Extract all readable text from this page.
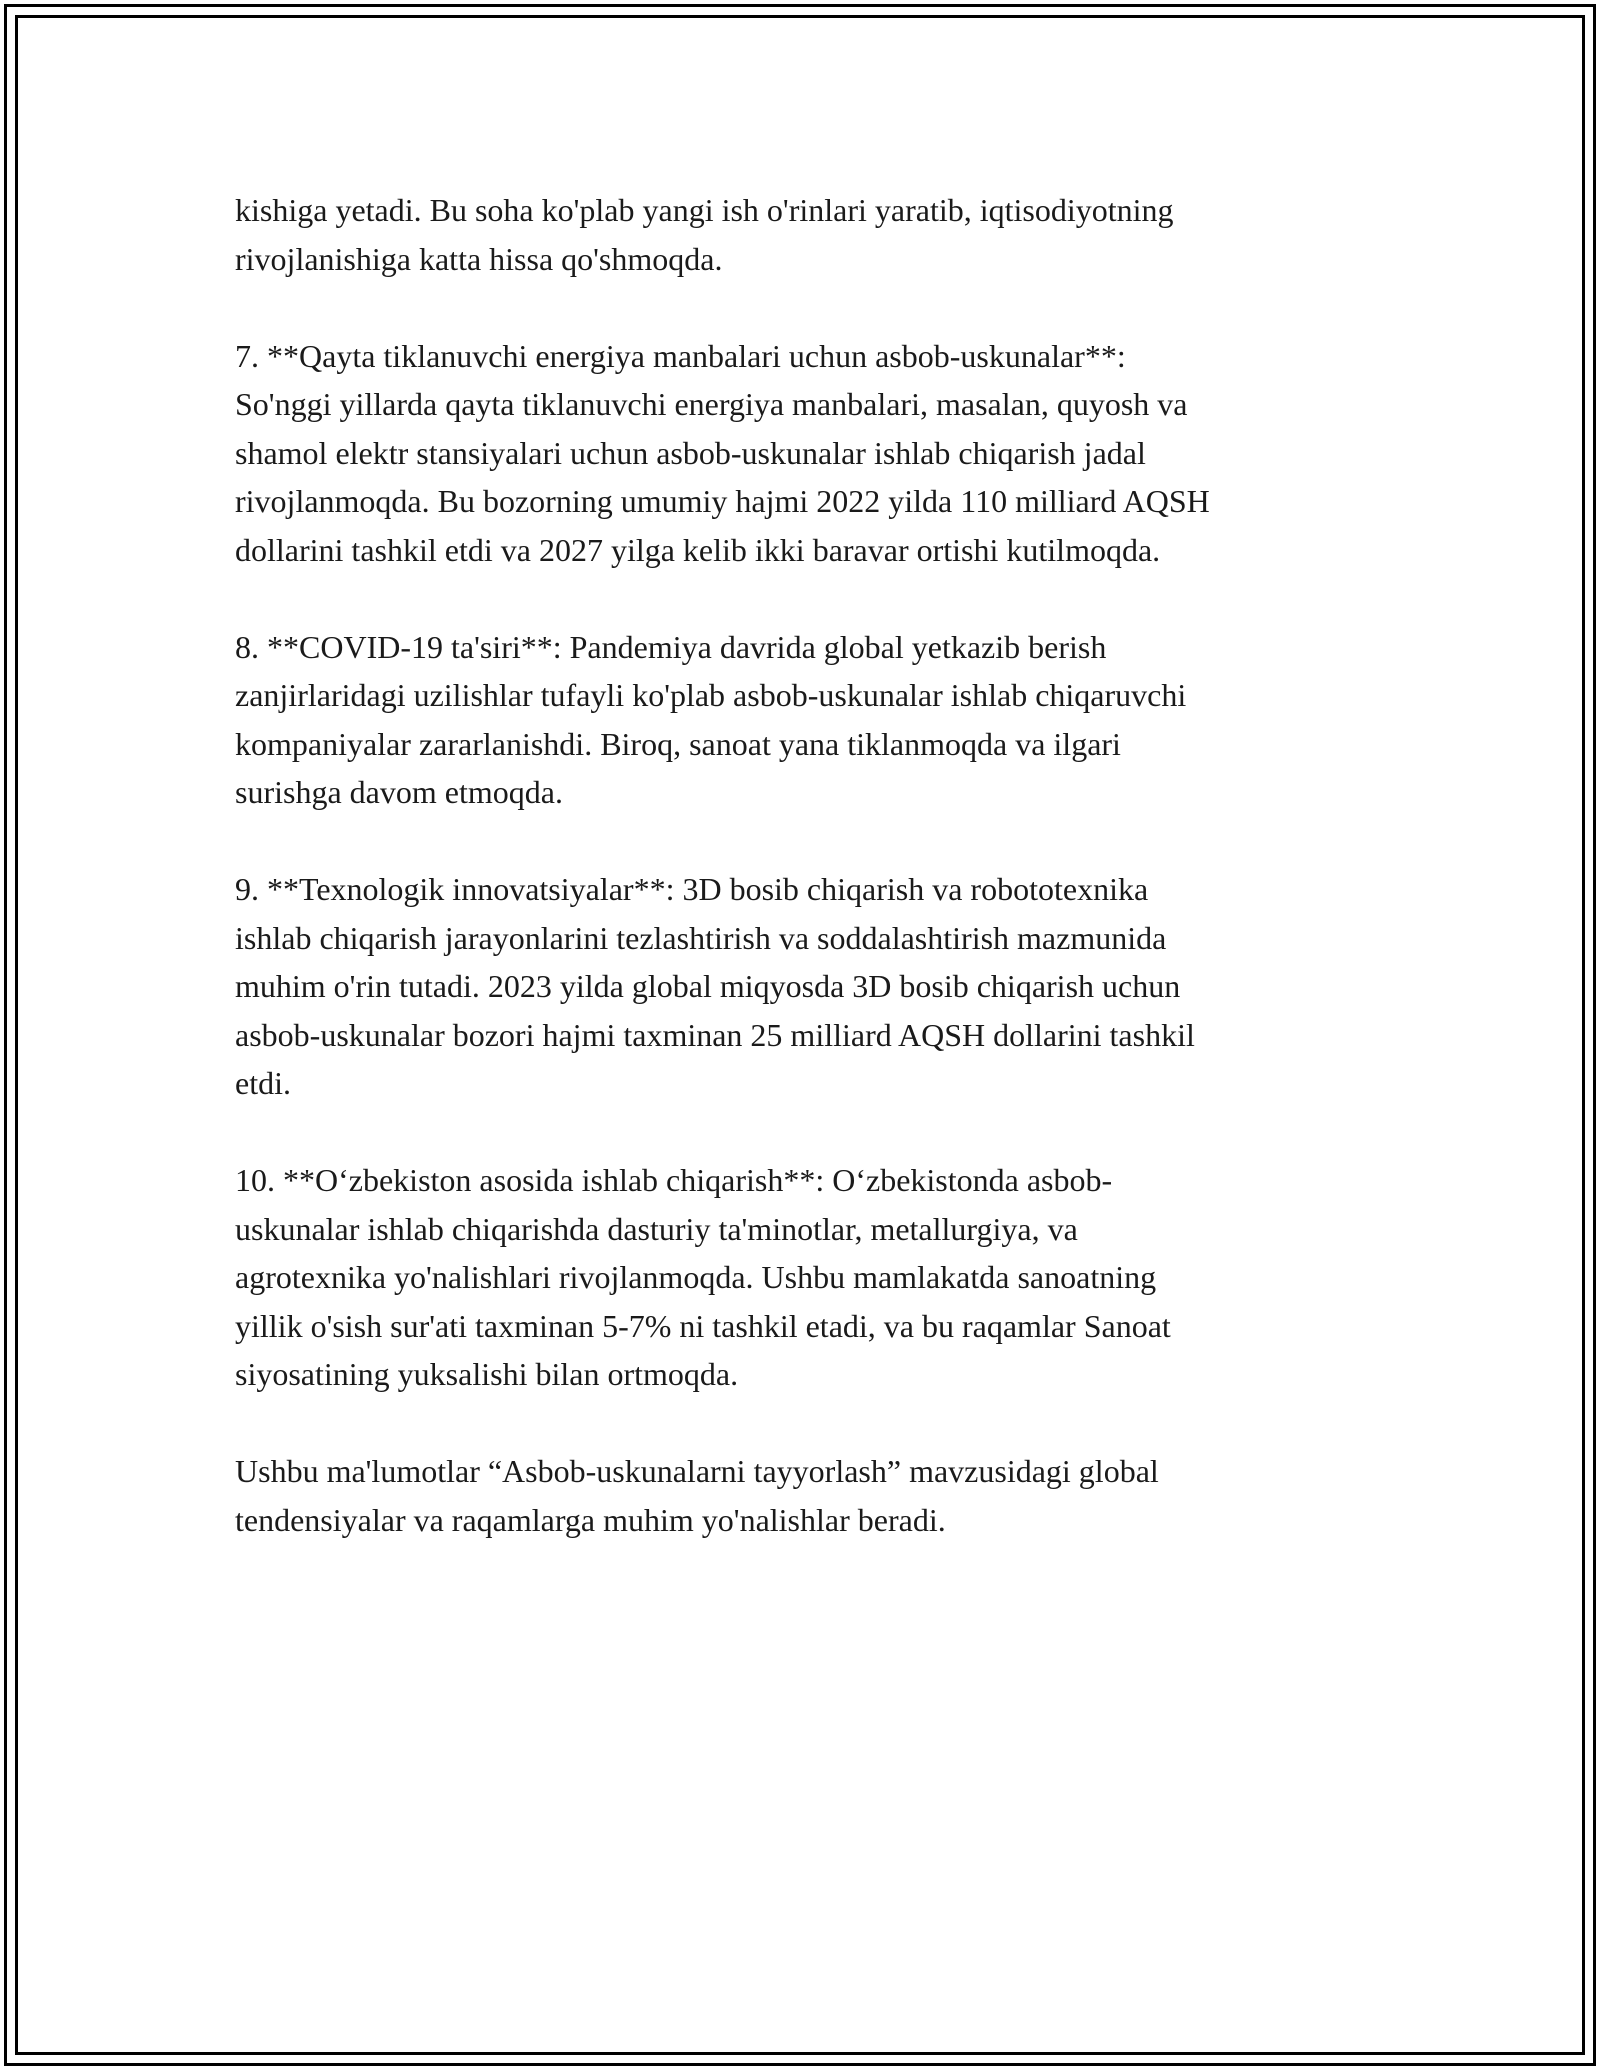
kishiga yetadi. Bu soha ko'plab yangi ish o'rinlari yaratib, iqtisodiyotning
rivojlanishiga katta hissa qo'shmoqda.

7. **Qayta tiklanuvchi energiya manbalari uchun asbob-uskunalar**:
So'nggi yillarda qayta tiklanuvchi energiya manbalari, masalan, quyosh va
shamol elektr stansiyalari uchun asbob-uskunalar ishlab chiqarish jadal
rivojlanmoqda. Bu bozorning umumiy hajmi 2022 yilda 110 milliard AQSH
dollarini tashkil etdi va 2027 yilga kelib ikki baravar ortishi kutilmoqda.

8. **COVID-19 ta'siri**: Pandemiya davrida global yetkazib berish
zanjirlaridagi uzilishlar tufayli ko'plab asbob-uskunalar ishlab chiqaruvchi
kompaniyalar zararlanishdi. Biroq, sanoat yana tiklanmoqda va ilgari
surishga davom etmoqda.

9. **Texnologik innovatsiyalar**: 3D bosib chiqarish va robototexnika
ishlab chiqarish jarayonlarini tezlashtirish va soddalashtirish mazmunida
muhim o'rin tutadi. 2023 yilda global miqyosda 3D bosib chiqarish uchun
asbob-uskunalar bozori hajmi taxminan 25 milliard AQSH dollarini tashkil
etdi.

10. **O‘zbekiston asosida ishlab chiqarish**: O‘zbekistonda asbob-
uskunalar ishlab chiqarishda dasturiy ta'minotlar, metallurgiya, va
agrotexnika yo'nalishlari rivojlanmoqda. Ushbu mamlakatda sanoatning
yillik o'sish sur'ati taxminan 5-7% ni tashkil etadi, va bu raqamlar Sanoat
siyosatining yuksalishi bilan ortmoqda.

Ushbu ma'lumotlar “Asbob-uskunalarni tayyorlash” mavzusidagi global
tendensiyalar va raqamlarga muhim yo'nalishlar beradi.
